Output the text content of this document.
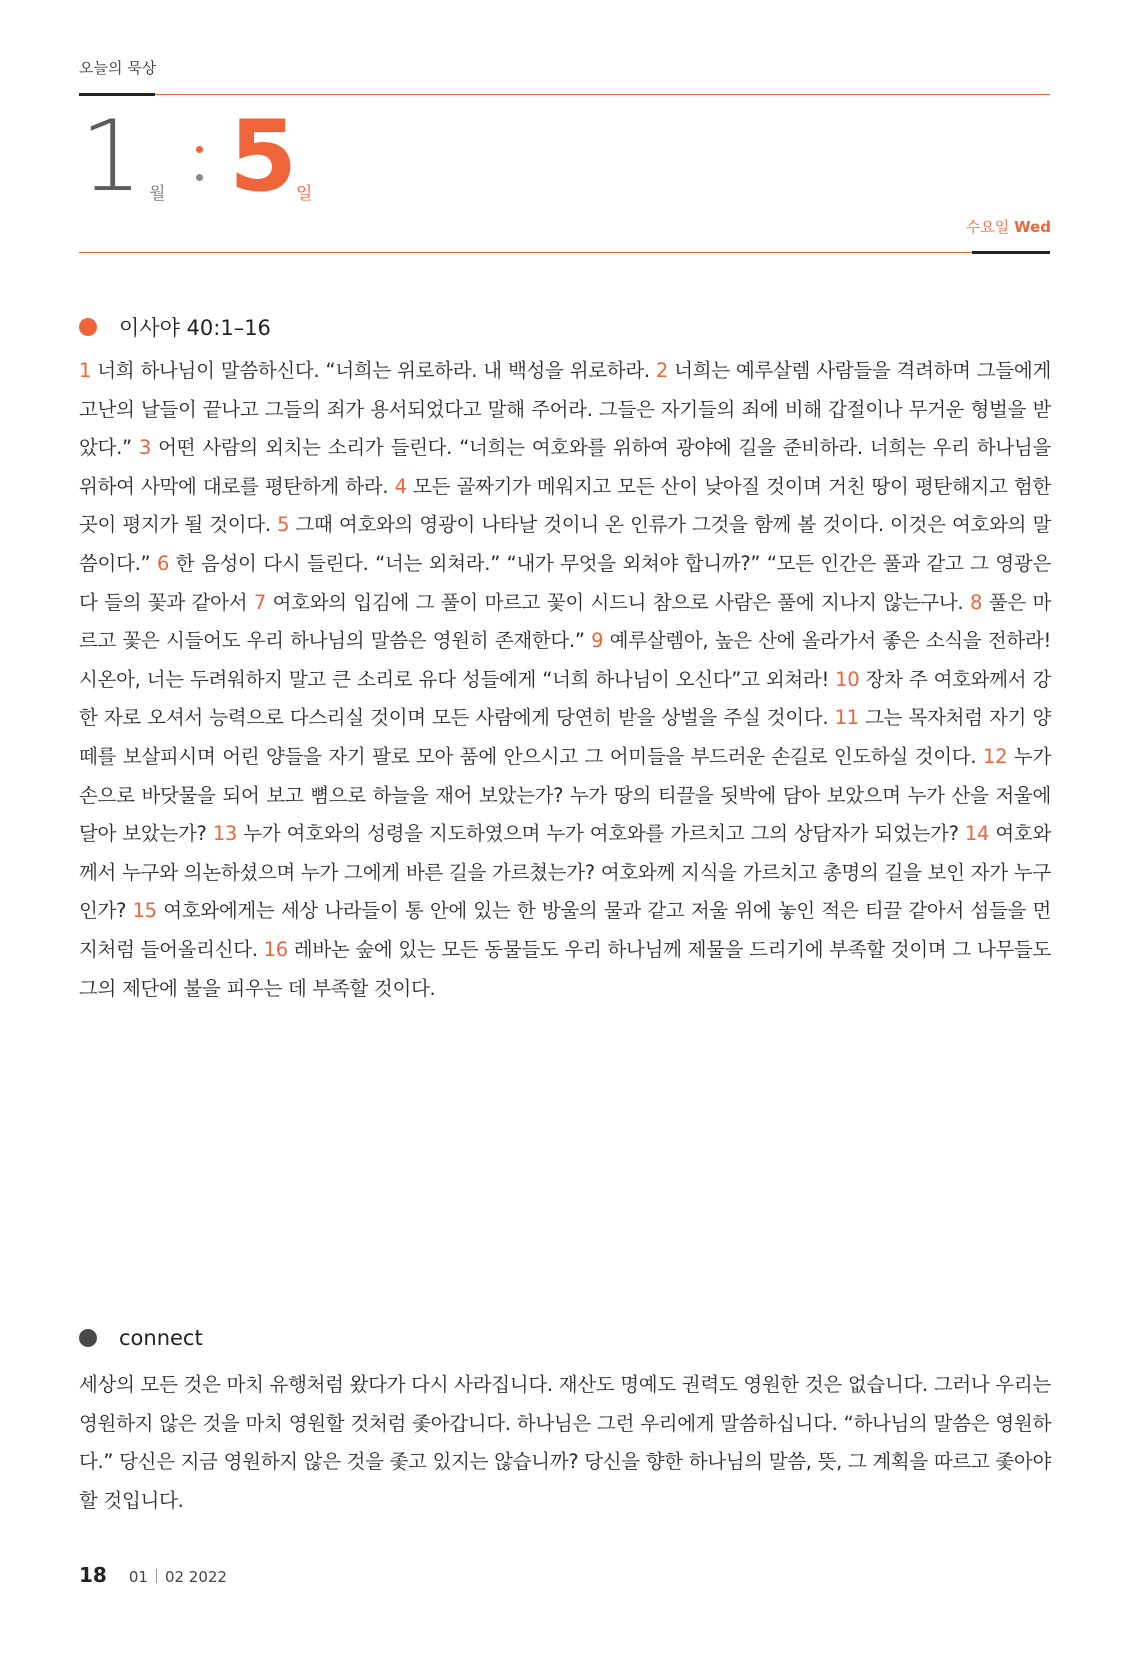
오늘의 묵상
1 월 5 일
수요일 Wed
이사야 40:1–16
1 너희 하나님이 말씀하신다. “너희는 위로하라. 내 백성을 위로하라. 2 너희는 예루살렘 사람들을 격려하며 그들에게 고난의 날들이 끝나고 그들의 죄가 용서되었다고 말해 주어라. 그들은 자기들의 죄에 비해 갑절이나 무거운 형벌을 받았다.” 3 어떤 사람의 외치는 소리가 들린다. “너희는 여호와를 위하여 광야에 길을 준비하라. 너희는 우리 하나님을 위하여 사막에 대로를 평탄하게 하라. 4 모든 골짜기가 메워지고 모든 산이 낮아질 것이며 거친 땅이 평탄해지고 험한 곳이 평지가 될 것이다. 5 그때 여호와의 영광이 나타날 것이니 온 인류가 그것을 함께 볼 것이다. 이것은 여호와의 말씀이다.” 6 한 음성이 다시 들린다. “너는 외쳐라.” “내가 무엇을 외쳐야 합니까?” “모든 인간은 풀과 같고 그 영광은 다 들의 꽃과 같아서 7 여호와의 입김에 그 풀이 마르고 꽃이 시드니 참으로 사람은 풀에 지나지 않는구나. 8 풀은 마르고 꽃은 시들어도 우리 하나님의 말씀은 영원히 존재한다.” 9 예루살렘아, 높은 산에 올라가서 좋은 소식을 전하라! 시온아, 너는 두려워하지 말고 큰 소리로 유다 성들에게 “너희 하나님이 오신다”고 외쳐라! 10 장차 주 여호와께서 강한 자로 오셔서 능력으로 다스리실 것이며 모든 사람에게 당연히 받을 상벌을 주실 것이다. 11 그는 목자처럼 자기 양떼를 보살피시며 어린 양들을 자기 팔로 모아 품에 안으시고 그 어미들을 부드러운 손길로 인도하실 것이다. 12 누가 손으로 바닷물을 되어 보고 뼘으로 하늘을 재어 보았는가? 누가 땅의 티끌을 됫박에 담아 보았으며 누가 산을 저울에 달아 보았는가? 13 누가 여호와의 성령을 지도하였으며 누가 여호와를 가르치고 그의 상담자가 되었는가? 14 여호와께서 누구와 의논하셨으며 누가 그에게 바른 길을 가르쳤는가? 여호와께 지식을 가르치고 총명의 길을 보인 자가 누구인가? 15 여호와에게는 세상 나라들이 통 안에 있는 한 방울의 물과 같고 저울 위에 놓인 적은 티끌 같아서 섬들을 먼지처럼 들어올리신다. 16 레바논 숲에 있는 모든 동물들도 우리 하나님께 제물을 드리기에 부족할 것이며 그 나무들도 그의 제단에 불을 피우는 데 부족할 것이다.
connect
세상의 모든 것은 마치 유행처럼 왔다가 다시 사라집니다. 재산도 명예도 권력도 영원한 것은 없습니다. 그러나 우리는 영원하지 않은 것을 마치 영원할 것처럼 좇아갑니다. 하나님은 그런 우리에게 말씀하십니다. “하나님의 말씀은 영원하다.” 당신은 지금 영원하지 않은 것을 좇고 있지는 않습니까? 당신을 향한 하나님의 말씀, 뜻, 그 계획을 따르고 좇아야 할 것입니다.
18 01 02 2022
